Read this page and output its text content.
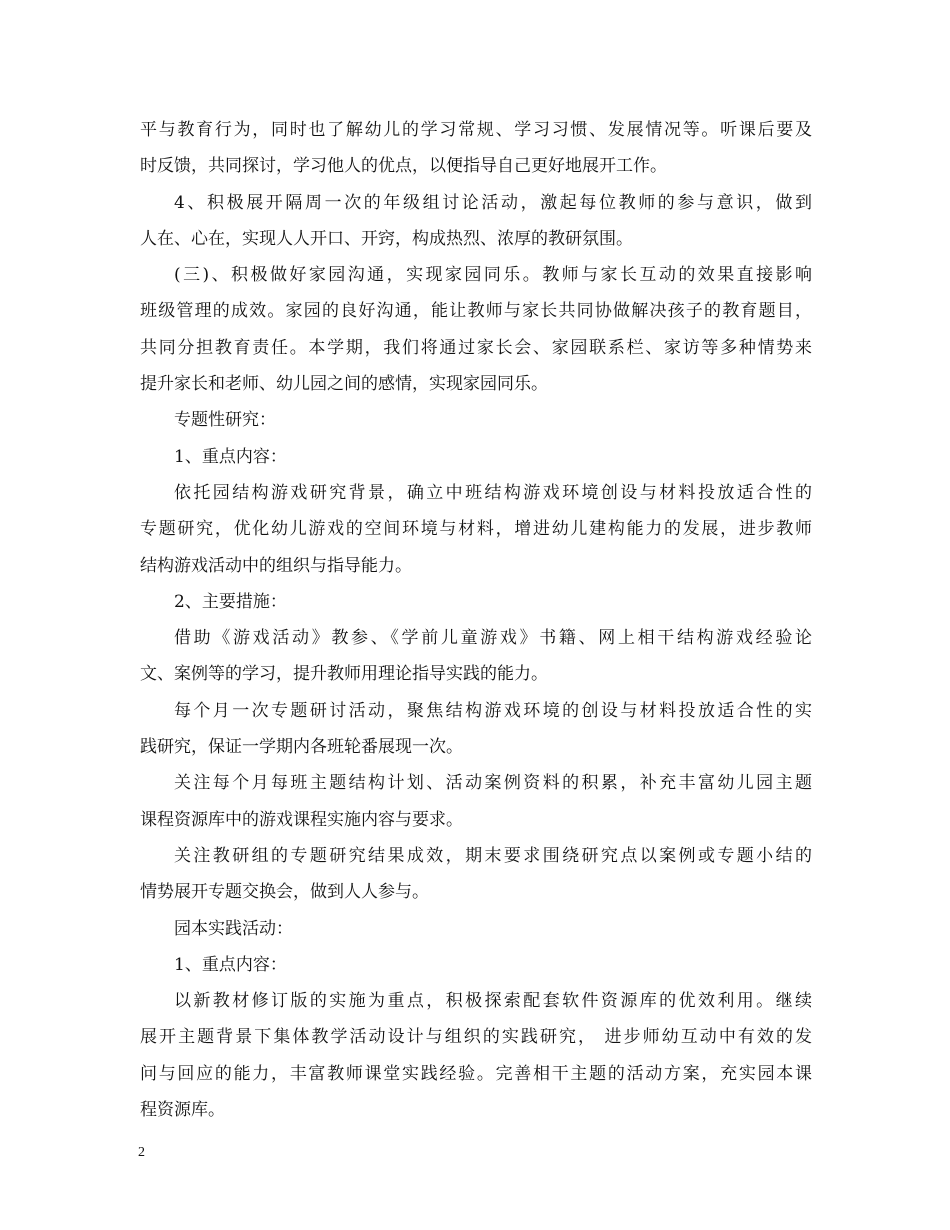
平与教育行为，同时也了解幼儿的学习常规、学习习惯、发展情况等。听课后要及
时反馈，共同探讨，学习他人的优点，以便指导自己更好地展开工作。
4、积极展开隔周一次的年级组讨论活动，激起每位教师的参与意识，做到
人在、心在，实现人人开口、开窍，构成热烈、浓厚的教研氛围。
(三)、积极做好家园沟通，实现家园同乐。教师与家长互动的效果直接影响
班级管理的成效。家园的良好沟通，能让教师与家长共同协做解决孩子的教育题目，
共同分担教育责任。本学期，我们将通过家长会、家园联系栏、家访等多种情势来
提升家长和老师、幼儿园之间的感情，实现家园同乐。
专题性研究：
1、重点内容：
依托园结构游戏研究背景，确立中班结构游戏环境创设与材料投放适合性的
专题研究，优化幼儿游戏的空间环境与材料，增进幼儿建构能力的发展，进步教师
结构游戏活动中的组织与指导能力。
2、主要措施：
借助《游戏活动》教参、《学前儿童游戏》书籍、网上相干结构游戏经验论
文、案例等的学习，提升教师用理论指导实践的能力。
每个月一次专题研讨活动，聚焦结构游戏环境的创设与材料投放适合性的实
践研究，保证一学期内各班轮番展现一次。
关注每个月每班主题结构计划、活动案例资料的积累，补充丰富幼儿园主题
课程资源库中的游戏课程实施内容与要求。
关注教研组的专题研究结果成效，期末要求围绕研究点以案例或专题小结的
情势展开专题交换会，做到人人参与。
园本实践活动：
1、重点内容：
以新教材修订版的实施为重点，积极探索配套软件资源库的优效利用。继续
展开主题背景下集体教学活动设计与组织的实践研究， 进步师幼互动中有效的发
问与回应的能力，丰富教师课堂实践经验。完善相干主题的活动方案，充实园本课
程资源库。
2
